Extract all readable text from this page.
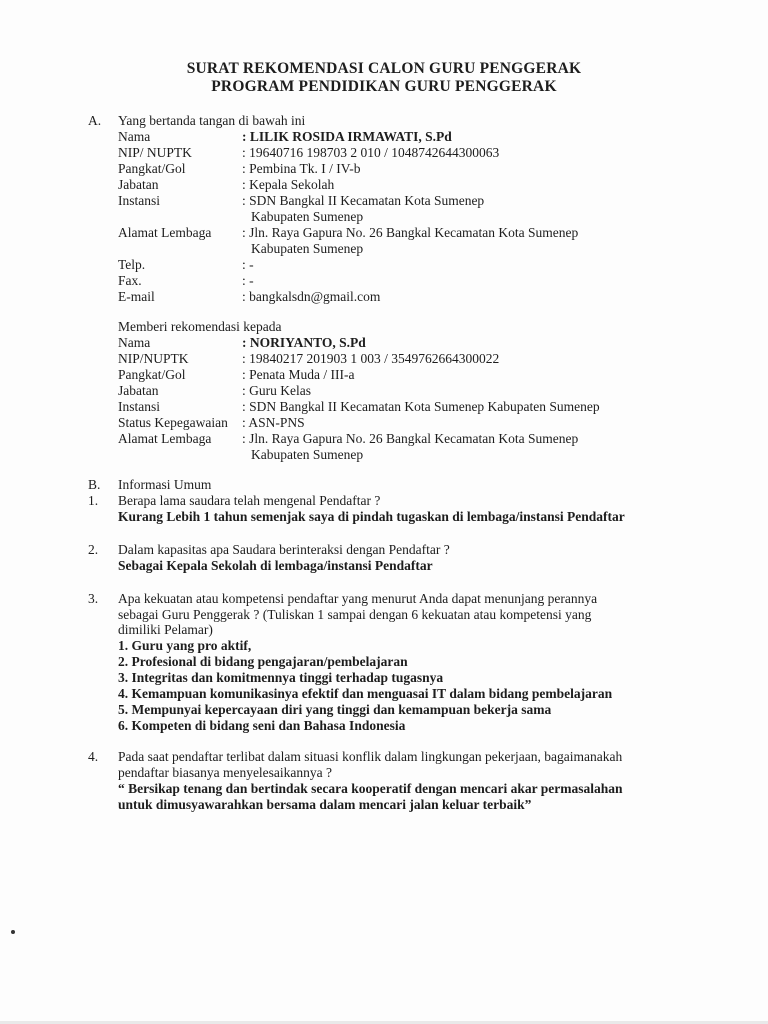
SURAT REKOMENDASI CALON GURU PENGGERAK
PROGRAM PENDIDIKAN GURU PENGGERAK
A. Yang bertanda tangan di bawah ini
Nama	: LILIK ROSIDA IRMAWATI, S.Pd
NIP/ NUPTK	: 19640716 198703 2 010 / 1048742644300063
Pangkat/Gol	: Pembina Tk. I / IV-b
Jabatan	: Kepala Sekolah
Instansi	: SDN Bangkal II Kecamatan Kota Sumenep
Kabupaten Sumenep
Alamat Lembaga : Jln. Raya Gapura No. 26 Bangkal Kecamatan Kota Sumenep
Kabupaten Sumenep
Telp.	: -
Fax.	: -
E-mail	: bangkalsdn@gmail.com
Memberi rekomendasi kepada
Nama	: NORIYANTO, S.Pd
NIP/NUPTK	: 19840217 201903 1 003 / 3549762664300022
Pangkat/Gol	: Penata Muda / III-a
Jabatan	: Guru Kelas
Instansi	: SDN Bangkal II Kecamatan Kota Sumenep Kabupaten Sumenep
Status Kepegawaian : ASN-PNS
Alamat Lembaga : Jln. Raya Gapura No. 26 Bangkal Kecamatan Kota Sumenep
Kabupaten Sumenep
B. Informasi Umum
1. Berapa lama saudara telah mengenal Pendaftar ?
Kurang Lebih 1 tahun semenjak saya di pindah tugaskan di lembaga/instansi Pendaftar
2. Dalam kapasitas apa Saudara berinteraksi dengan Pendaftar ?
Sebagai Kepala Sekolah di lembaga/instansi Pendaftar
3. Apa kekuatan atau kompetensi pendaftar yang menurut Anda dapat menunjang perannya
sebagai Guru Penggerak ? (Tuliskan 1 sampai dengan 6 kekuatan atau kompetensi yang
dimiliki Pelamar)
1. Guru yang pro aktif,
2. Profesional di bidang pengajaran/pembelajaran
3. Integritas dan komitmennya tinggi terhadap tugasnya
4. Kemampuan komunikasinya efektif dan menguasai IT dalam bidang pembelajaran
5. Mempunyai kepercayaan diri yang tinggi dan kemampuan bekerja sama
6. Kompeten di bidang seni dan Bahasa Indonesia
4. Pada saat pendaftar terlibat dalam situasi konflik dalam lingkungan pekerjaan, bagaimanakah
pendaftar biasanya menyelesaikannya ?
“ Bersikap tenang dan bertindak secara kooperatif dengan mencari akar permasalahan
untuk dimusyawarahkan bersama dalam mencari jalan keluar terbaik”
